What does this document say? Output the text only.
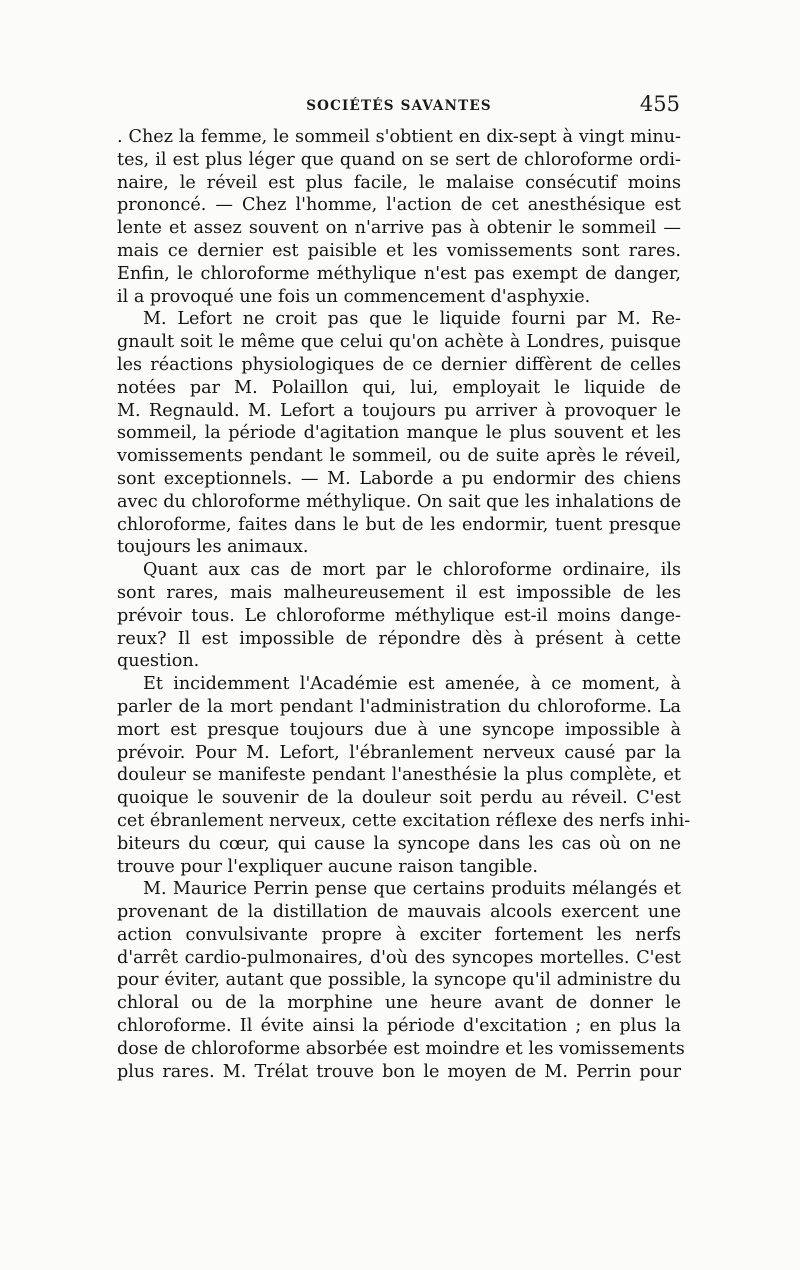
SOCIÉTÉS SAVANTES	455
. Chez la femme, le sommeil s'obtient en dix-sept à vingt minu-
tes, il est plus léger que quand on se sert de chloroforme ordi-
naire, le réveil est plus facile, le malaise consécutif moins
prononcé. — Chez l'homme, l'action de cet anesthésique est
lente et assez souvent on n'arrive pas à obtenir le sommeil —
mais ce dernier est paisible et les vomissements sont rares.
Enfin, le chloroforme méthylique n'est pas exempt de danger,
il a provoqué une fois un commencement d'asphyxie.
M. Lefort ne croit pas que le liquide fourni par M. Re-
gnault soit le même que celui qu'on achète à Londres, puisque
les réactions physiologiques de ce dernier diffèrent de celles
notées par M. Polaillon qui, lui, employait le liquide de
M. Regnauld. M. Lefort a toujours pu arriver à provoquer le
sommeil, la période d'agitation manque le plus souvent et les
vomissements pendant le sommeil, ou de suite après le réveil,
sont exceptionnels. — M. Laborde a pu endormir des chiens
avec du chloroforme méthylique. On sait que les inhalations de
chloroforme, faites dans le but de les endormir, tuent presque
toujours les animaux.
Quant aux cas de mort par le chloroforme ordinaire, ils
sont rares, mais malheureusement il est impossible de les
prévoir tous. Le chloroforme méthylique est-il moins dange-
reux? Il est impossible de répondre dès à présent à cette
question.
Et incidemment l'Académie est amenée, à ce moment, à
parler de la mort pendant l'administration du chloroforme. La
mort est presque toujours due à une syncope impossible à
prévoir. Pour M. Lefort, l'ébranlement nerveux causé par la
douleur se manifeste pendant l'anesthésie la plus complète, et
quoique le souvenir de la douleur soit perdu au réveil. C'est
cet ébranlement nerveux, cette excitation réflexe des nerfs inhi-
biteurs du cœur, qui cause la syncope dans les cas où on ne
trouve pour l'expliquer aucune raison tangible.
M. Maurice Perrin pense que certains produits mélangés et
provenant de la distillation de mauvais alcools exercent une
action convulsivante propre à exciter fortement les nerfs
d'arrêt cardio-pulmonaires, d'où des syncopes mortelles. C'est
pour éviter, autant que possible, la syncope qu'il administre du
chloral ou de la morphine une heure avant de donner le
chloroforme. Il évite ainsi la période d'excitation ; en plus la
dose de chloroforme absorbée est moindre et les vomissements
plus rares. M. Trélat trouve bon le moyen de M. Perrin pour
